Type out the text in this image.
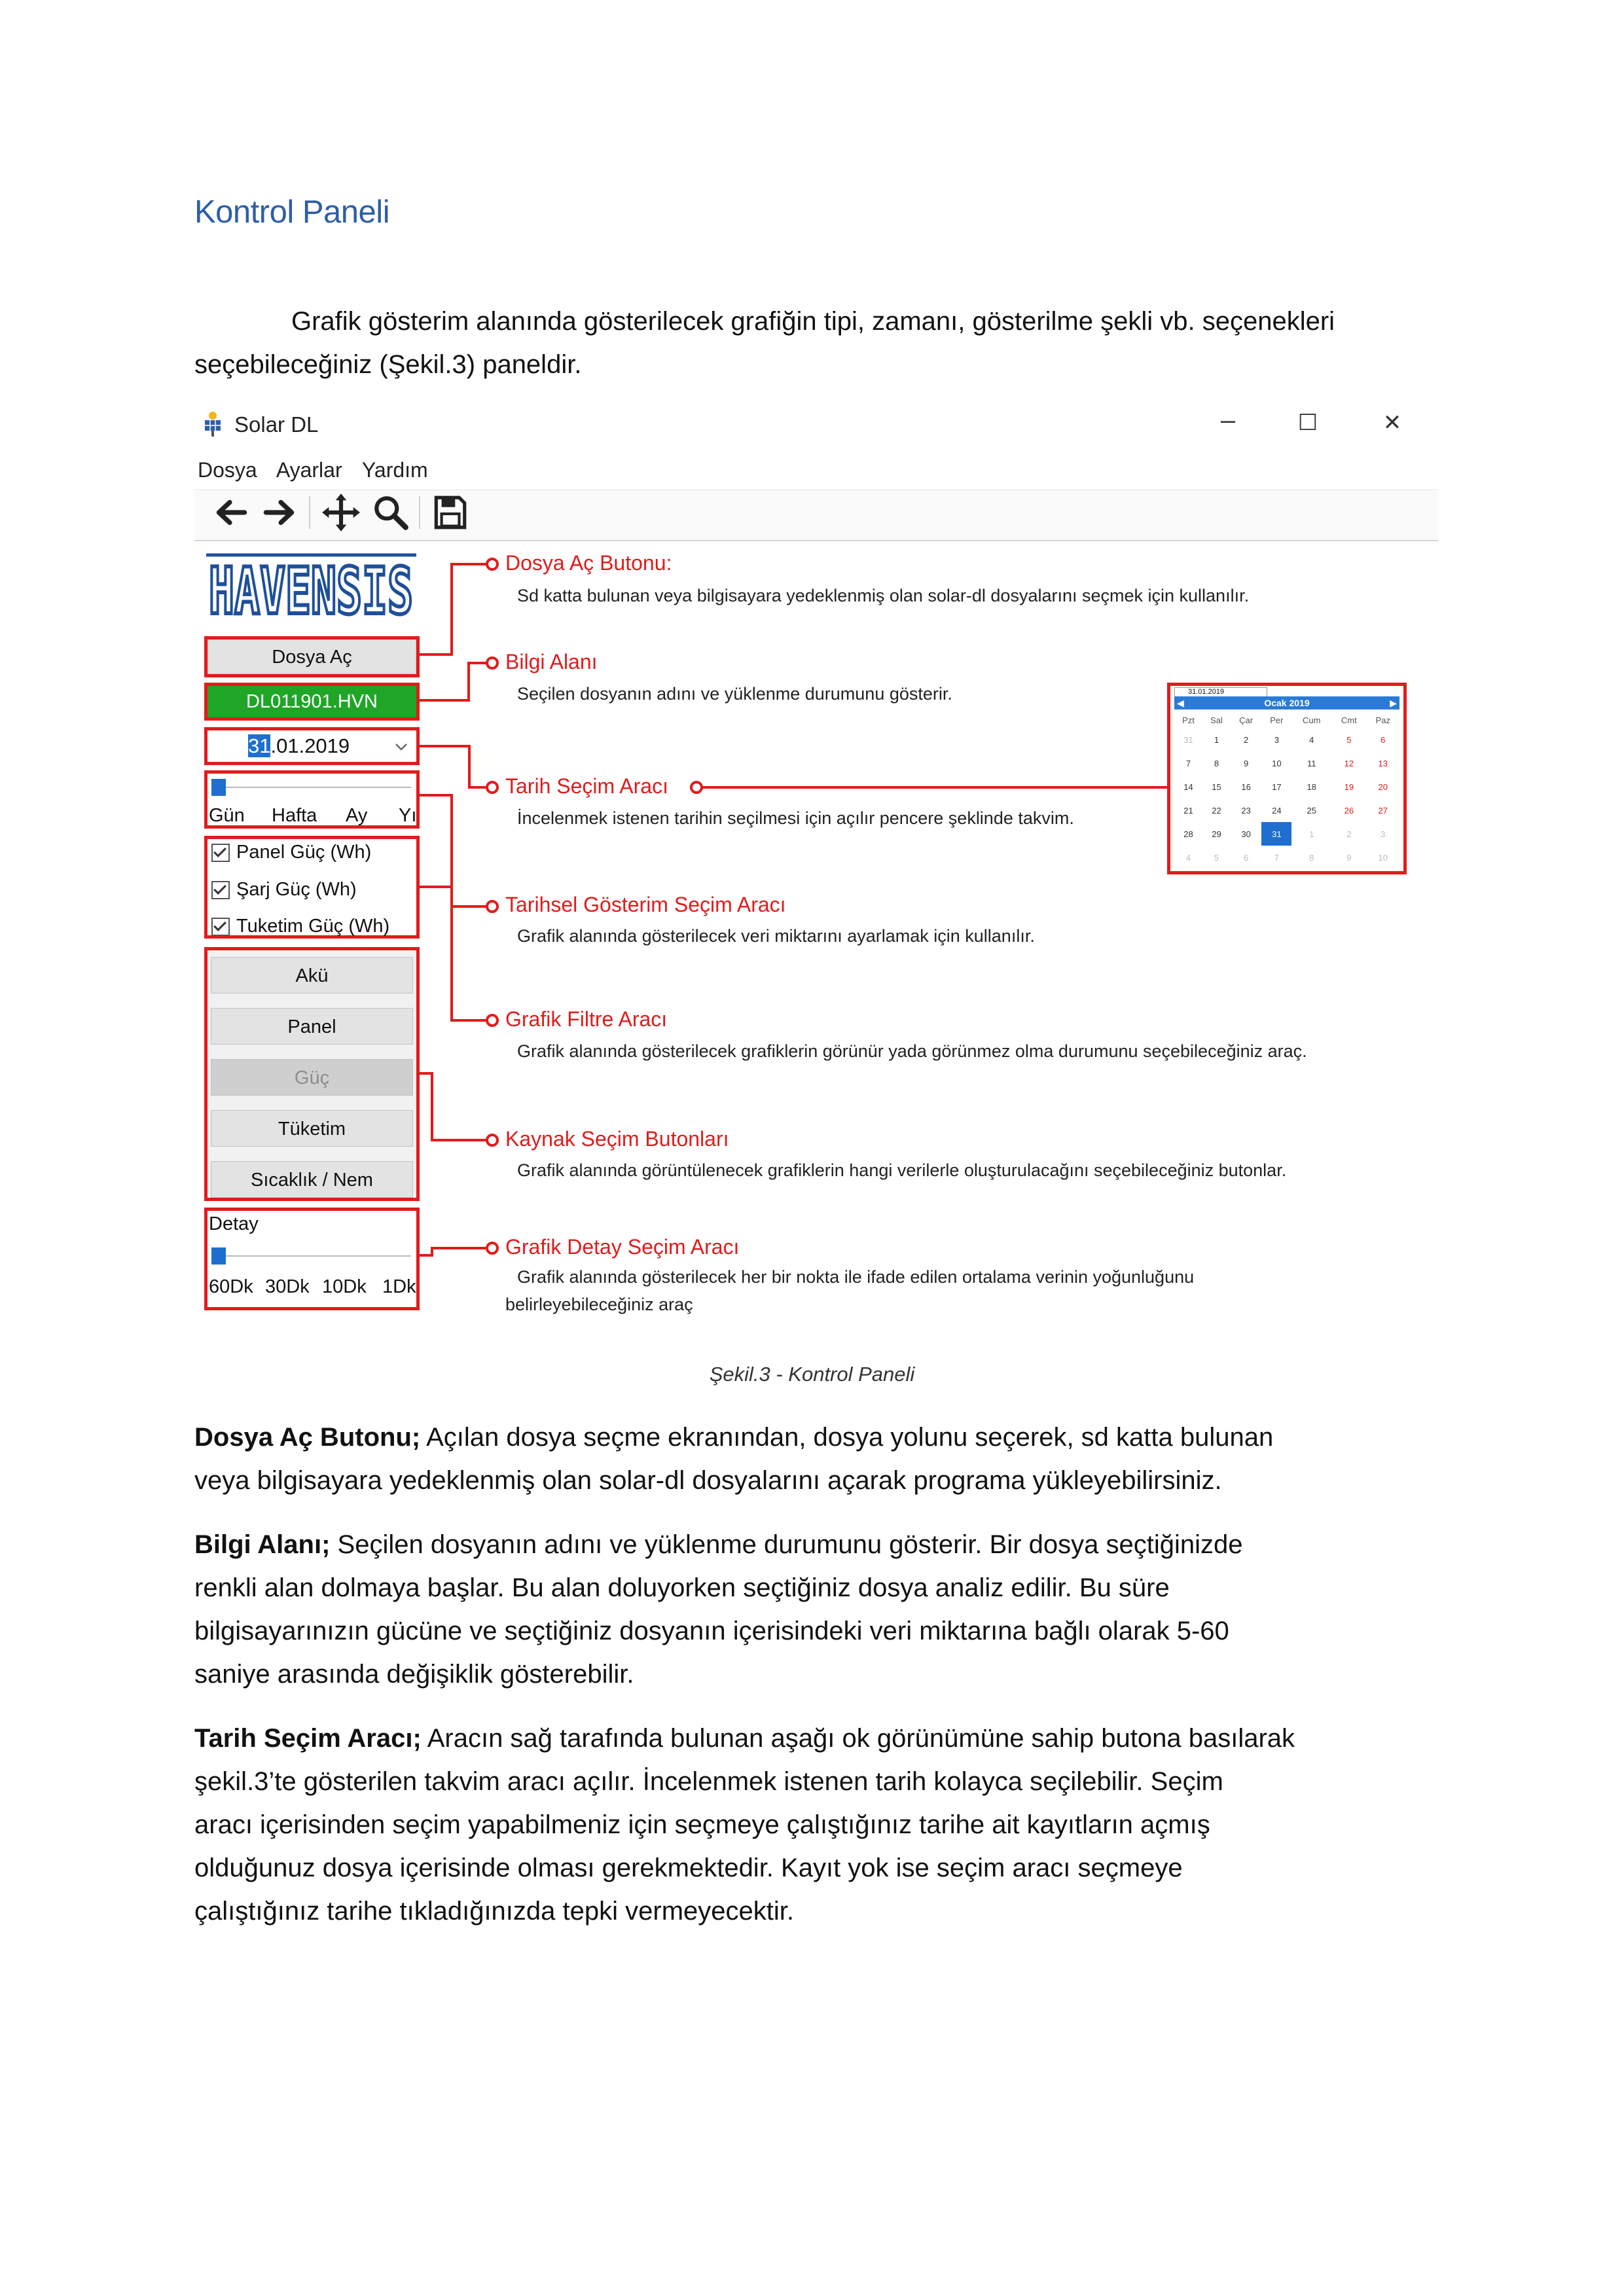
Kontrol Paneli
Grafik gösterim alanında gösterilecek grafiğin tipi, zamanı, gösterilme şekli vb. seçenekleri
seçebileceğiniz (Şekil.3) paneldir.
Solar DL	–	☐	✕
Dosya Ayarlar Yardım
HAVENSIS
Dosya Aç
DL011901.HVN
31.01.2019
Gün Hafta Ay Yı
Panel Güç (Wh)
Şarj Güç (Wh)
Tuketim Güç (Wh)
Akü
Panel
Güç
Tüketim
Sıcaklık / Nem
Detay
60Dk 30Dk 10Dk 1Dk
Dosya Aç Butonu:
Sd katta bulunan veya bilgisayara yedeklenmiş olan solar-dl dosyalarını seçmek için kullanılır.
Bilgi Alanı
Seçilen dosyanın adını ve yüklenme durumunu gösterir.
Tarih Seçim Aracı
İncelenmek istenen tarihin seçilmesi için açılır pencere şeklinde takvim.
Tarihsel Gösterim Seçim Aracı
Grafik alanında gösterilecek veri miktarını ayarlamak için kullanılır.
Grafik Filtre Aracı
Grafik alanında gösterilecek grafiklerin görünür yada görünmez olma durumunu seçebileceğiniz araç.
Kaynak Seçim Butonları
Grafik alanında görüntülenecek grafiklerin hangi verilerle oluşturulacağını seçebileceğiniz butonlar.
Grafik Detay Seçim Aracı
Grafik alanında gösterilecek her bir nokta ile ifade edilen ortalama verinin yoğunluğunu
belirleyebileceğiniz araç
31.01.2019
◀	Ocak 2019	▶
Pzt	Sal	Çar	Per	Cum	Cmt	Paz
31	1	2	3	4	5	6
7	8	9	10	11	12	13
14	15	16	17	18	19	20
21	22	23	24	25	26	27
28	29	30	31	1	2	3
4	5	6	7	8	9	10
Şekil.3 - Kontrol Paneli
Dosya Aç Butonu; Açılan dosya seçme ekranından, dosya yolunu seçerek, sd katta bulunan
veya bilgisayara yedeklenmiş olan solar-dl dosyalarını açarak programa yükleyebilirsiniz.
Bilgi Alanı; Seçilen dosyanın adını ve yüklenme durumunu gösterir. Bir dosya seçtiğinizde
renkli alan dolmaya başlar. Bu alan doluyorken seçtiğiniz dosya analiz edilir. Bu süre
bilgisayarınızın gücüne ve seçtiğiniz dosyanın içerisindeki veri miktarına bağlı olarak 5-60
saniye arasında değişiklik gösterebilir.
Tarih Seçim Aracı; Aracın sağ tarafında bulunan aşağı ok görünümüne sahip butona basılarak
şekil.3’te gösterilen takvim aracı açılır. İncelenmek istenen tarih kolayca seçilebilir. Seçim
aracı içerisinden seçim yapabilmeniz için seçmeye çalıştığınız tarihe ait kayıtların açmış
olduğunuz dosya içerisinde olması gerekmektedir. Kayıt yok ise seçim aracı seçmeye
çalıştığınız tarihe tıkladığınızda tepki vermeyecektir.
